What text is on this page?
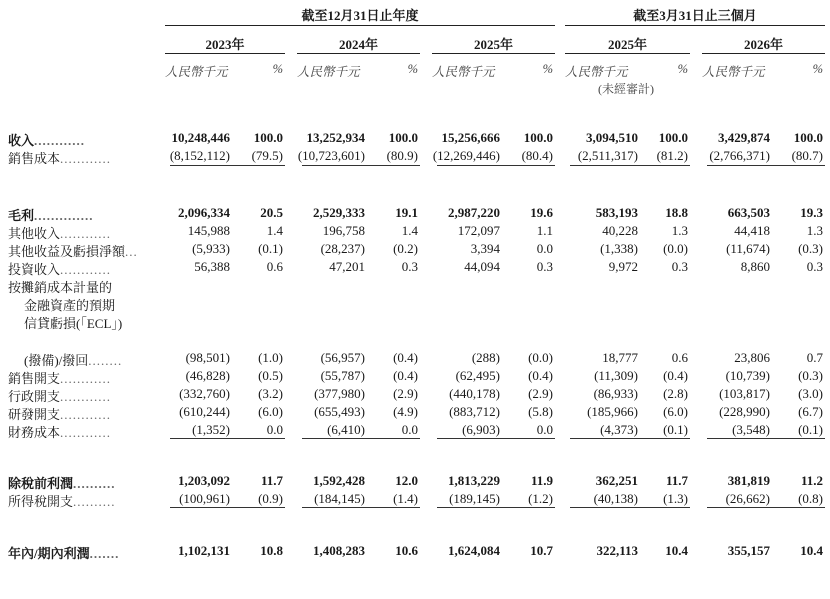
截至12月31日止年度	截至3月31日止三個月
2023年	2024年	2025年	2025年	2026年
人民幣千元	% 人民幣千元	% 人民幣千元	% 人民幣千元	% 人民幣千元	%
(未經審計)
收入............	10,248,446	100.0	13,252,934	100.0	15,256,666	100.0	3,094,510	100.0	3,429,874	100.0
銷售成本............	(8,152,112)	(79.5)	(10,723,601)	(80.9)	(12,269,446)	(80.4)	(2,511,317)	(81.2)	(2,766,371)	(80.7)
毛利..............	2,096,334	20.5	2,529,333	19.1	2,987,220	19.6	583,193	18.8	663,503	19.3
其他收入............	145,988	1.4	196,758	1.4	172,097	1.1	40,228	1.3	44,418	1.3
其他收益及虧損淨額...	(5,933)	(0.1)	(28,237)	(0.2)	3,394	0.0	(1,338)	(0.0)	(11,674)	(0.3)
投資收入............	56,388	0.6	47,201	0.3	44,094	0.3	9,972	0.3	8,860	0.3
按攤銷成本計量的
金融資產的預期
信貸虧損(「ECL」)
(撥備)/撥回........	(98,501)	(1.0)	(56,957)	(0.4)	(288)	(0.0)	18,777	0.6	23,806	0.7
銷售開支............	(46,828)	(0.5)	(55,787)	(0.4)	(62,495)	(0.4)	(11,309)	(0.4)	(10,739)	(0.3)
行政開支............	(332,760)	(3.2)	(377,980)	(2.9)	(440,178)	(2.9)	(86,933)	(2.8)	(103,817)	(3.0)
研發開支............	(610,244)	(6.0)	(655,493)	(4.9)	(883,712)	(5.8)	(185,966)	(6.0)	(228,990)	(6.7)
財務成本............	(1,352)	0.0	(6,410)	0.0	(6,903)	0.0	(4,373)	(0.1)	(3,548)	(0.1)
除稅前利潤..........	1,203,092	11.7	1,592,428	12.0	1,813,229	11.9	362,251	11.7	381,819	11.2
所得稅開支..........	(100,961)	(0.9)	(184,145)	(1.4)	(189,145)	(1.2)	(40,138)	(1.3)	(26,662)	(0.8)
年內/期內利潤.......	1,102,131	10.8	1,408,283	10.6	1,624,084	10.7	322,113	10.4	355,157	10.4
